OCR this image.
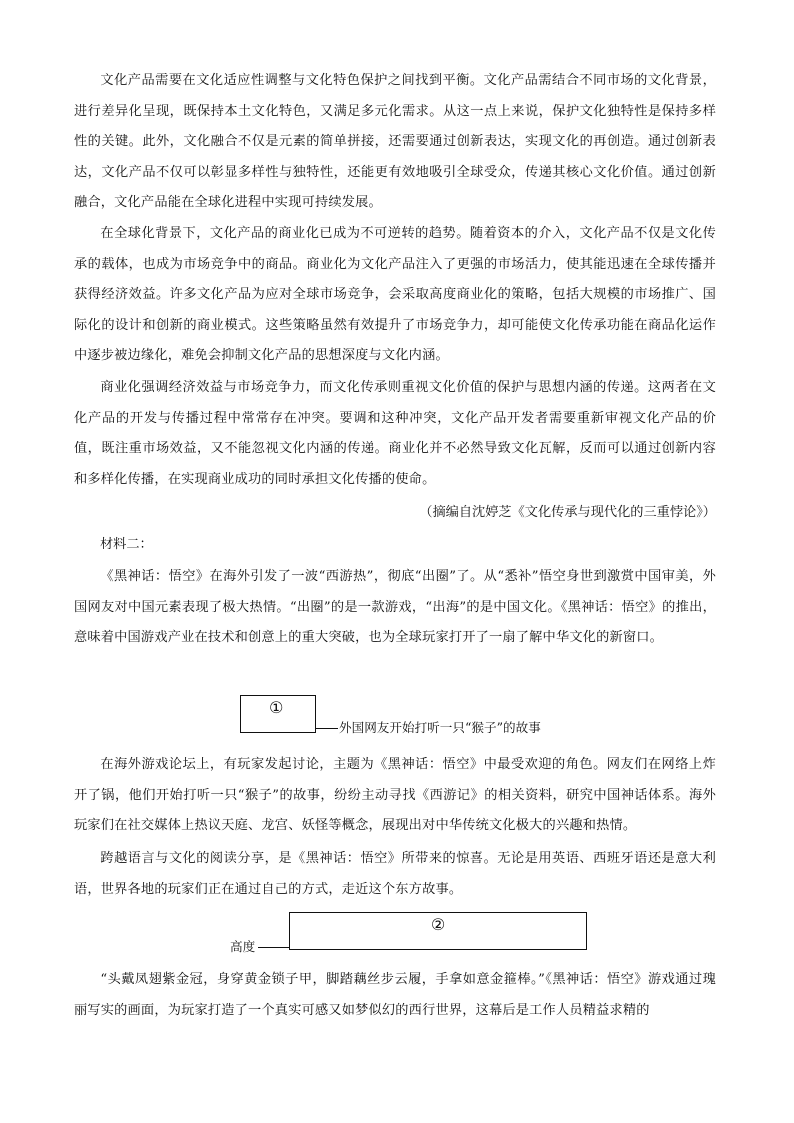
文化产品需要在文化适应性调整与文化特色保护之间找到平衡。文化产品需结合不同市场的文化背景，进行差异化呈现，既保持本土文化特色，又满足多元化需求。从这一点上来说，保护文化独特性是保持多样性的关键。此外，文化融合不仅是元素的简单拼接，还需要通过创新表达，实现文化的再创造。通过创新表达，文化产品不仅可以彰显多样性与独特性，还能更有效地吸引全球受众，传递其核心文化价值。通过创新融合，文化产品能在全球化进程中实现可持续发展。

在全球化背景下，文化产品的商业化已成为不可逆转的趋势。随着资本的介入，文化产品不仅是文化传承的载体，也成为市场竞争中的商品。商业化为文化产品注入了更强的市场活力，使其能迅速在全球传播并获得经济效益。许多文化产品为应对全球市场竞争，会采取高度商业化的策略，包括大规模的市场推广、国际化的设计和创新的商业模式。这些策略虽然有效提升了市场竞争力，却可能使文化传承功能在商品化运作中逐步被边缘化，难免会抑制文化产品的思想深度与文化内涵。

商业化强调经济效益与市场竞争力，而文化传承则重视文化价值的保护与思想内涵的传递。这两者在文化产品的开发与传播过程中常常存在冲突。要调和这种冲突，文化产品开发者需要重新审视文化产品的价值，既注重市场效益，又不能忽视文化内涵的传递。商业化并不必然导致文化瓦解，反而可以通过创新内容和多样化传播，在实现商业成功的同时承担文化传播的使命。

（摘编自沈婷芝《文化传承与现代化的三重悖论》）

材料二：

《黑神话：悟空》在海外引发了一波“西游热”，彻底“出圈”了。从“悉补”悟空身世到激赏中国审美，外国网友对中国元素表现了极大热情。“出圈”的是一款游戏，“出海”的是中国文化。《黑神话：悟空》的推出，意味着中国游戏产业在技术和创意上的重大突破，也为全球玩家打开了一扇了解中华文化的新窗口。

①

外国网友开始打听一只“猴子”的故事

在海外游戏论坛上，有玩家发起讨论，主题为《黑神话：悟空》中最受欢迎的角色。网友们在网络上炸开了锅，他们开始打听一只“猴子”的故事，纷纷主动寻找《西游记》的相关资料，研究中国神话体系。海外玩家们在社交媒体上热议天庭、龙宫、妖怪等概念，展现出对中华传统文化极大的兴趣和热情。

跨越语言与文化的阅读分享，是《黑神话：悟空》所带来的惊喜。无论是用英语、西班牙语还是意大利语，世界各地的玩家们正在通过自己的方式，走近这个东方故事。

②

高度

“头戴凤翅紫金冠，身穿黄金锁子甲，脚踏藕丝步云履，手拿如意金箍棒。”《黑神话：悟空》游戏通过瑰丽写实的画面，为玩家打造了一个真实可感又如梦似幻的西行世界，这幕后是工作人员精益求精的
